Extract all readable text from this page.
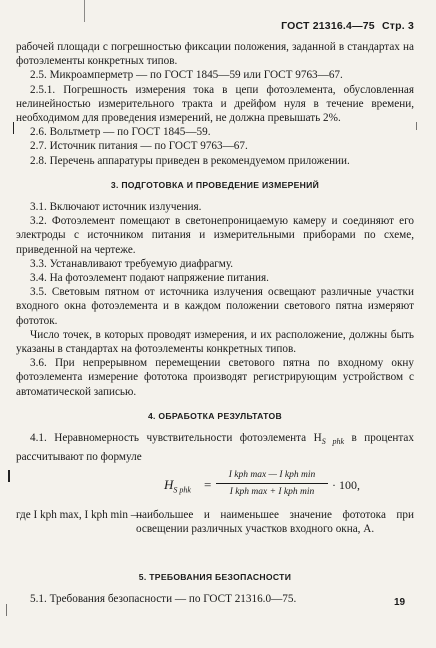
ГОСТ 21316.4—75 Стр. 3

рабочей площади с погрешностью фиксации положения, заданной в стандартах на фотоэлементы конкретных типов.

2.5. Микроамперметр — по ГОСТ 1845—59 или ГОСТ 9763—67.

2.5.1. Погрешность измерения тока в цепи фотоэлемента, обусловленная нелинейностью измерительного тракта и дрейфом нуля в течение времени, необходимом для проведения измерений, не должна превышать 2%.

2.6. Вольтметр — по ГОСТ 1845—59.

2.7. Источник питания — по ГОСТ 9763—67.

2.8. Перечень аппаратуры приведен в рекомендуемом приложении.

3. ПОДГОТОВКА И ПРОВЕДЕНИЕ ИЗМЕРЕНИЙ

3.1. Включают источник излучения.

3.2. Фотоэлемент помещают в светонепроницаемую камеру и соединяют его электроды с источником питания и измерительными приборами по схеме, приведенной на чертеже.

3.3. Устанавливают требуемую диафрагму.

3.4. На фотоэлемент подают напряжение питания.

3.5. Световым пятном от источника излучения освещают различные участки входного окна фотоэлемента и в каждом положении светового пятна измеряют фототок.

Число точек, в которых проводят измерения, и их расположение, должны быть указаны в стандартах на фотоэлементы конкретных типов.

3.6. При непрерывном перемещении светового пятна по входному окну фотоэлемента измерение фототока производят регистрирующим устройством с автоматической записью.

4. ОБРАБОТКА РЕЗУЛЬТАТОВ

4.1. Неравномерность чувствительности фотоэлемента $H_{S phk}$ в процентах рассчитывают по формуле

$H_{S phk}$ =
I kph max — I kph min
I kph max + I kph min
· 100,
где I kph max, I kph min —
наибольшее и наименьшее значение фототока при освещении различных участков входного окна, А.
5. ТРЕБОВАНИЯ БЕЗОПАСНОСТИ

5.1. Требования безопасности — по ГОСТ 21316.0—75.	19
